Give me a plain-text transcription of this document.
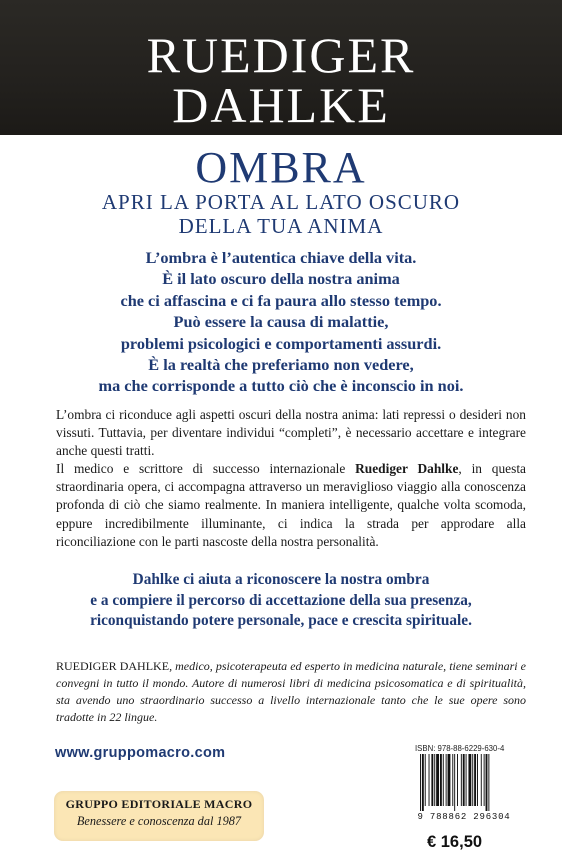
RUEDIGER
DAHLKE
OMBRA
APRI LA PORTA AL LATO OSCURO
DELLA TUA ANIMA
L’ombra è l’autentica chiave della vita.
È il lato oscuro della nostra anima
che ci affascina e ci fa paura allo stesso tempo.
Può essere la causa di malattie,
problemi psicologici e comportamenti assurdi.
È la realtà che preferiamo non vedere,
ma che corrisponde a tutto ciò che è inconscio in noi.

L’ombra ci riconduce agli aspetti oscuri della nostra anima: lati repressi o desideri non vissuti. Tuttavia, per diventare individui “completi”, è necessario accettare e integrare anche questi tratti.

Il medico e scrittore di successo internazionale Ruediger Dahlke, in questa straordinaria opera, ci accompagna attraverso un meraviglioso viaggio alla conoscenza profonda di ciò che siamo realmente. In maniera intelligente, qualche volta scomoda, eppure incredibilmente illuminante, ci indica la strada per approdare alla riconciliazione con le parti nascoste della nostra personalità.

Dahlke ci aiuta a riconoscere la nostra ombra
e a compiere il percorso di accettazione della sua presenza,
riconquistando potere personale, pace e crescita spirituale.
RUEDIGER DAHLKE, medico, psicoterapeuta ed esperto in medicina naturale, tiene seminari e convegni in tutto il mondo. Autore di numerosi libri di medicina psicosomatica e di spiritualità, sta avendo uno straordinario successo a livello internazionale tanto che le sue opere sono tradotte in 22 lingue.
www.gruppomacro.com
GRUPPO EDITORIALE MACRO
Benessere e conoscenza dal 1987
ISBN: 978-88-6229-630-4
9 788862 296304
€ 16,50
